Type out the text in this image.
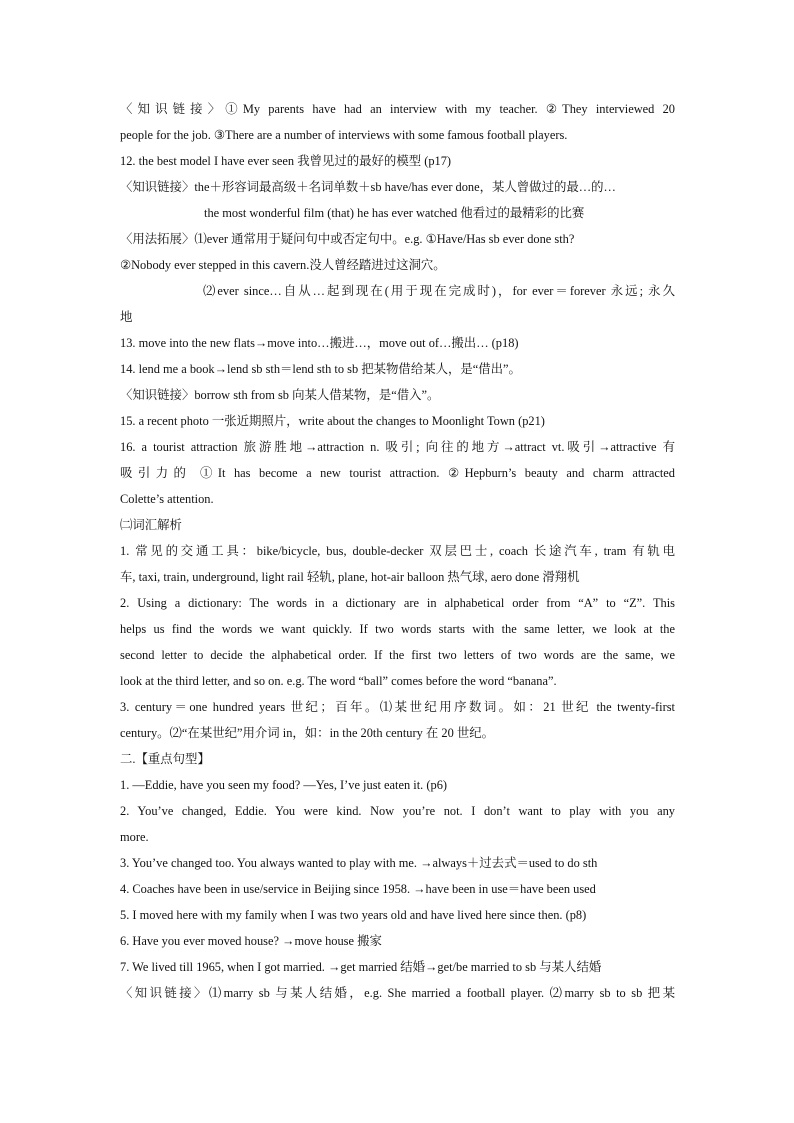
〈知识链接〉①My parents have had an interview with my teacher. ②They interviewed 20
people for the job. ③There are a number of interviews with some famous football players.
12. the best model I have ever seen 我曾见过的最好的模型 (p17)
〈知识链接〉the＋形容词最高级＋名词单数＋sb have/has ever done，某人曾做过的最…的…
the most wonderful film (that) he has ever watched 他看过的最精彩的比赛
〈用法拓展〉⑴ever 通常用于疑问句中或否定句中。e.g. ①Have/Has sb ever done sth?
②Nobody ever stepped in this cavern.没人曾经踏进过这洞穴。
⑵ever since…自从…起到现在(用于现在完成时)，for ever＝forever 永远; 永久
地
13. move into the new flats→move into…搬进…，move out of…搬出… (p18)
14. lend me a book→lend sb sth＝lend sth to sb 把某物借给某人，是“借出”。
〈知识链接〉borrow sth from sb 向某人借某物，是“借入”。
15. a recent photo 一张近期照片，write about the changes to Moonlight Town (p21)
16. a tourist attraction 旅游胜地→attraction n. 吸引; 向往的地方→attract vt.吸引→attractive 有
吸引力的 ①It has become a new tourist attraction. ②Hepburn’s beauty and charm attracted
Colette’s attention.
㈡词汇解析
1. 常见的交通工具：bike/bicycle, bus, double-decker 双层巴士, coach 长途汽车, tram 有轨电
车, taxi, train, underground, light rail 轻轨, plane, hot-air balloon 热气球, aero done 滑翔机
2. Using a dictionary: The words in a dictionary are in alphabetical order from “A” to “Z”. This
helps us find the words we want quickly. If two words starts with the same letter, we look at the
second letter to decide the alphabetical order. If the first two letters of two words are the same, we
look at the third letter, and so on. e.g. The word “ball” comes before the word “banana”.
3. century＝one hundred years 世纪；百年。⑴某世纪用序数词。如：21 世纪 the twenty-first
century。⑵“在某世纪”用介词 in，如：in the 20th century 在 20 世纪。
二.【重点句型】
1. —Eddie, have you seen my food? —Yes, I’ve just eaten it. (p6)
2. You’ve changed, Eddie. You were kind. Now you’re not. I don’t want to play with you any
more.
3. You’ve changed too. You always wanted to play with me. →always＋过去式＝used to do sth
4. Coaches have been in use/service in Beijing since 1958. →have been in use＝have been used
5. I moved here with my family when I was two years old and have lived here since then. (p8)
6. Have you ever moved house? →move house 搬家
7. We lived till 1965, when I got married. →get married 结婚→get/be married to sb 与某人结婚
〈知识链接〉⑴marry sb 与某人结婚，e.g. She married a football player. ⑵marry sb to sb 把某
